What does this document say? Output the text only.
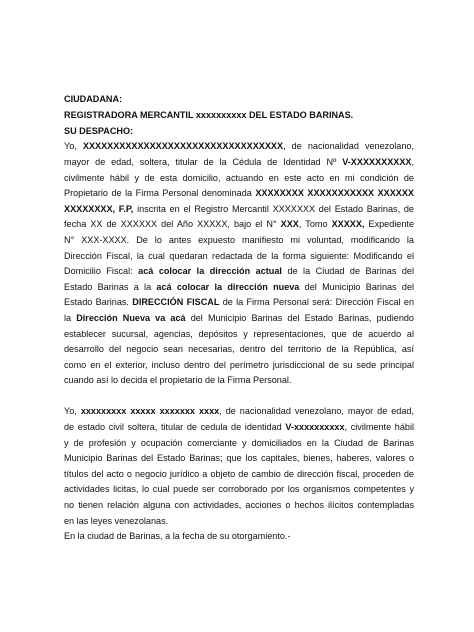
CIUDADANA:
REGISTRADORA MERCANTIL xxxxxxxxxx DEL ESTADO BARINAS.
SU DESPACHO:
Yo, XXXXXXXXXXXXXXXXXXXXXXXXXXXXXXXXX, de nacionalidad venezolano,
mayor de edad, soltera, titular de la Cédula de Identidad Nº V-XXXXXXXXXX,
civilmente hábil y de esta domicilio, actuando en este acto en mi condición de
Propietario de la Firma Personal denominada XXXXXXXX XXXXXXXXXXX XXXXXX
XXXXXXXX, F.P, inscrita en el Registro Mercantil XXXXXXX del Estado Barinas, de
fecha XX de XXXXXX del Año XXXXX, bajo el N° XXX, Tomo XXXXX, Expediente
N° XXX-XXXX. De lo antes expuesto manifiesto mi voluntad, modificando la
Dirección Fiscal, la cual quedaran redactada de la forma siguiente: Modificando el
Domicilio Fiscal: acá colocar la dirección actual de la Ciudad de Barinas del
Estado Barinas a la acá colocar la dirección nueva del Municipio Barinas del
Estado Barinas. DIRECCIÓN FISCAL de la Firma Personal será: Dirección Fiscal en
la Dirección Nueva va acá del Municipio Barinas del Estado Barinas, pudiendo
establecer sucursal, agencias, depósitos y representaciones, que de acuerdo al
desarrollo del negocio sean necesarias, dentro del territorio de la República, así
como en el exterior, incluso dentro del perímetro jurisdiccional de su sede principal
cuando así lo decida el propietario de la Firma Personal.
Yo, xxxxxxxxx xxxxx xxxxxxx xxxx, de nacionalidad venezolano, mayor de edad,
de estado civil soltera, titular de cedula de identidad V-xxxxxxxxxx, civilmente hábil
y de profesión y ocupación comerciante y domiciliados en la Ciudad de Barinas
Municipio Barinas del Estado Barinas; que los capitales, bienes, haberes, valores o
títulos del acto o negocio jurídico a objeto de cambio de dirección fiscal, proceden de
actividades licitas, lo cual puede ser corroborado por los organismos competentes y
no tienen relación alguna con actividades, acciones o hechos ilícitos contempladas
en las leyes venezolanas.
En la ciudad de Barinas, a la fecha de su otorgamiento.-
